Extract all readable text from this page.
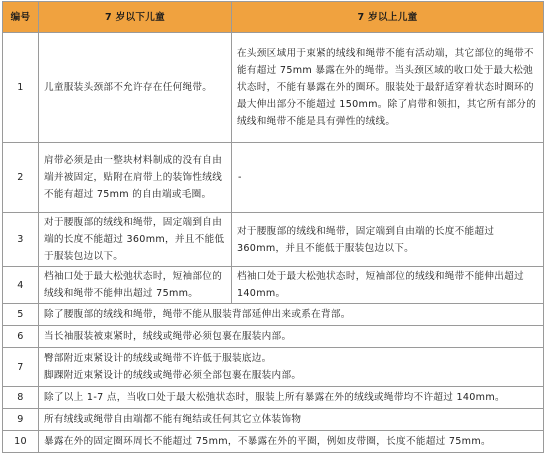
编号	7 岁以下儿童	7 岁以上儿童
1	儿童服装头颈部不允许存在任何绳带。	在头颈区域用于束紧的绒线和绳带不能有活动端，其它部位的绳带不能有超过 75mm 暴露在外的绳带。当头颈区域的收口处于最大松弛状态时，不能有暴露在外的圈环。服装处于最舒适穿着状态时圈环的最大伸出部分不能超过 150mm。除了肩带和领扣，其它所有部分的绒线和绳带不能是具有弹性的绒线。
2	肩带必须是由一整块材料制成的没有自由端并被固定，贴附在肩带上的装饰性绒线不能有超过 75mm 的自由端或毛圈。	-
3	对于腰腹部的绒线和绳带，固定端到自由端的长度不能超过 360mm，并且不能低于服装包边以下。	对于腰腹部的绒线和绳带，固定端到自由端的长度不能超过 360mm，并且不能低于服装包边以下。
4	档袖口处于最大松弛状态时，短袖部位的绒线和绳带不能伸出超过 75mm。	档袖口处于最大松弛状态时，短袖部位的绒线和绳带不能伸出超过 140mm。
5	除了腰腹部的绒线和绳带，绳带不能从服装背部延伸出来或系在背部。	
6	当长袖服装被束紧时，绒线或绳带必须包裹在服装内部。	
7	臀部附近束紧设计的绒线或绳带不许低于服装底边。
脚踝附近束紧设计的绒线或绳带必须全部包裹在服装内部。	

8	除了以上 1-7 点，当收口处于最大松弛状态时，服装上所有暴露在外的绒线或绳带均不许超过 140mm。	
9	所有绒线或绳带自由端都不能有绳结或任何其它立体装饰物	
10	暴露在外的固定圈环周长不能超过 75mm，不暴露在外的平圈，例如皮带圈，长度不能超过 75mm。	
